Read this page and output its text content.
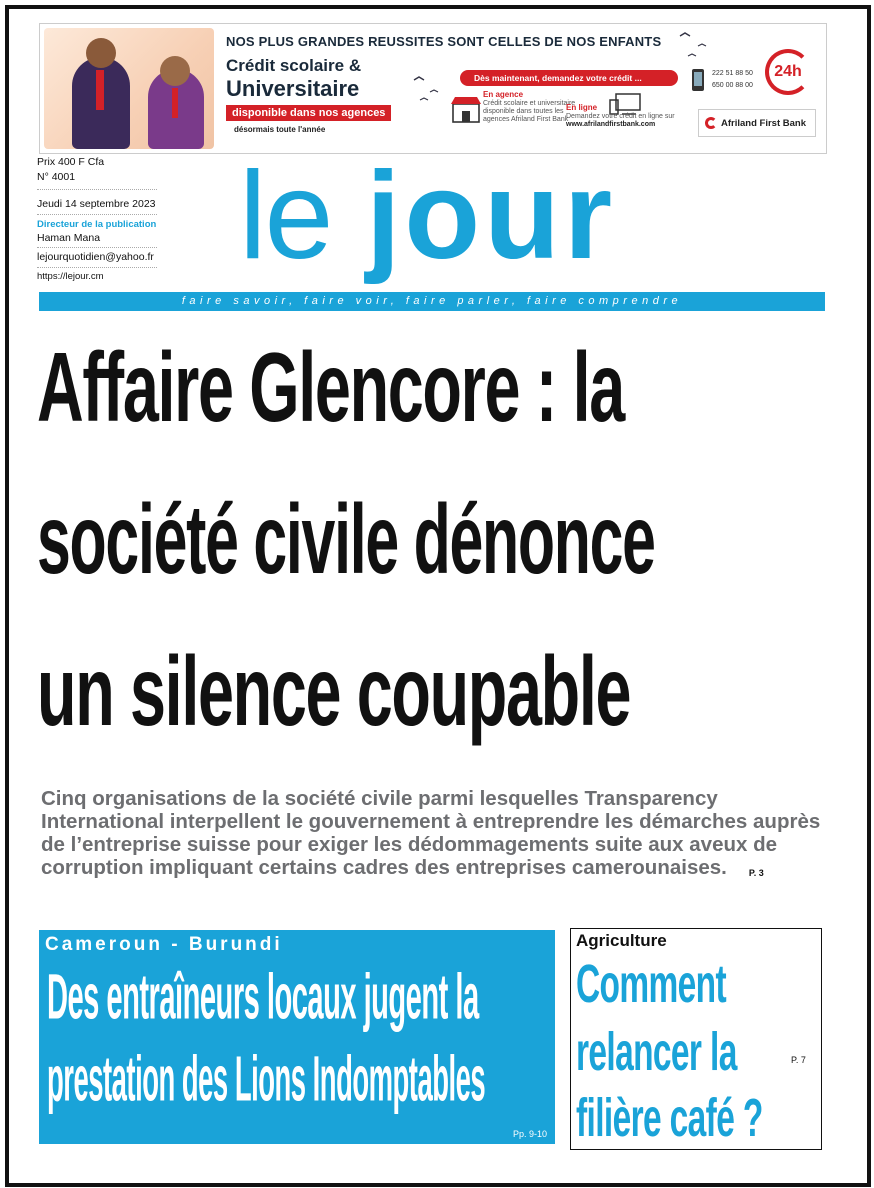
NOS PLUS GRANDES REUSSITES SONT CELLES DE NOS ENFANTS
Crédit scolaire &
Universitaire
disponible dans nos agences
désormais toute l'année
Dès maintenant, demandez votre crédit ...
En agence
Crédit scolaire et universitaire disponible dans toutes les agences Afriland First Bank
En ligne
Demandez votre crédit en ligne sur
www.afrilandfirstbank.com
222 51 88 50
650 00 88 00
24h
Afriland First Bank
Prix 400 F Cfa
N° 4001
Jeudi 14 septembre 2023
Directeur de la publication
Haman Mana
lejourquotidien@yahoo.fr
https://lejour.cm le jour
faire savoir, faire voir, faire parler, faire comprendre
Affaire Glencore : la
société civile dénonce
un silence coupable
Cinq organisations de la société civile parmi lesquelles Transparency International interpellent le gouvernement à entreprendre les démarches auprès de l’entreprise suisse pour exiger les dédommagements suite aux aveux de corruption impliquant certains cadres des entreprises camerounaises. P. 3
Cameroun - Burundi
Des entraîneurs locaux jugent la
prestation des Lions Indomptables
Pp. 9-10
Agriculture
Comment
relancer la
filière café ?
P. 7
